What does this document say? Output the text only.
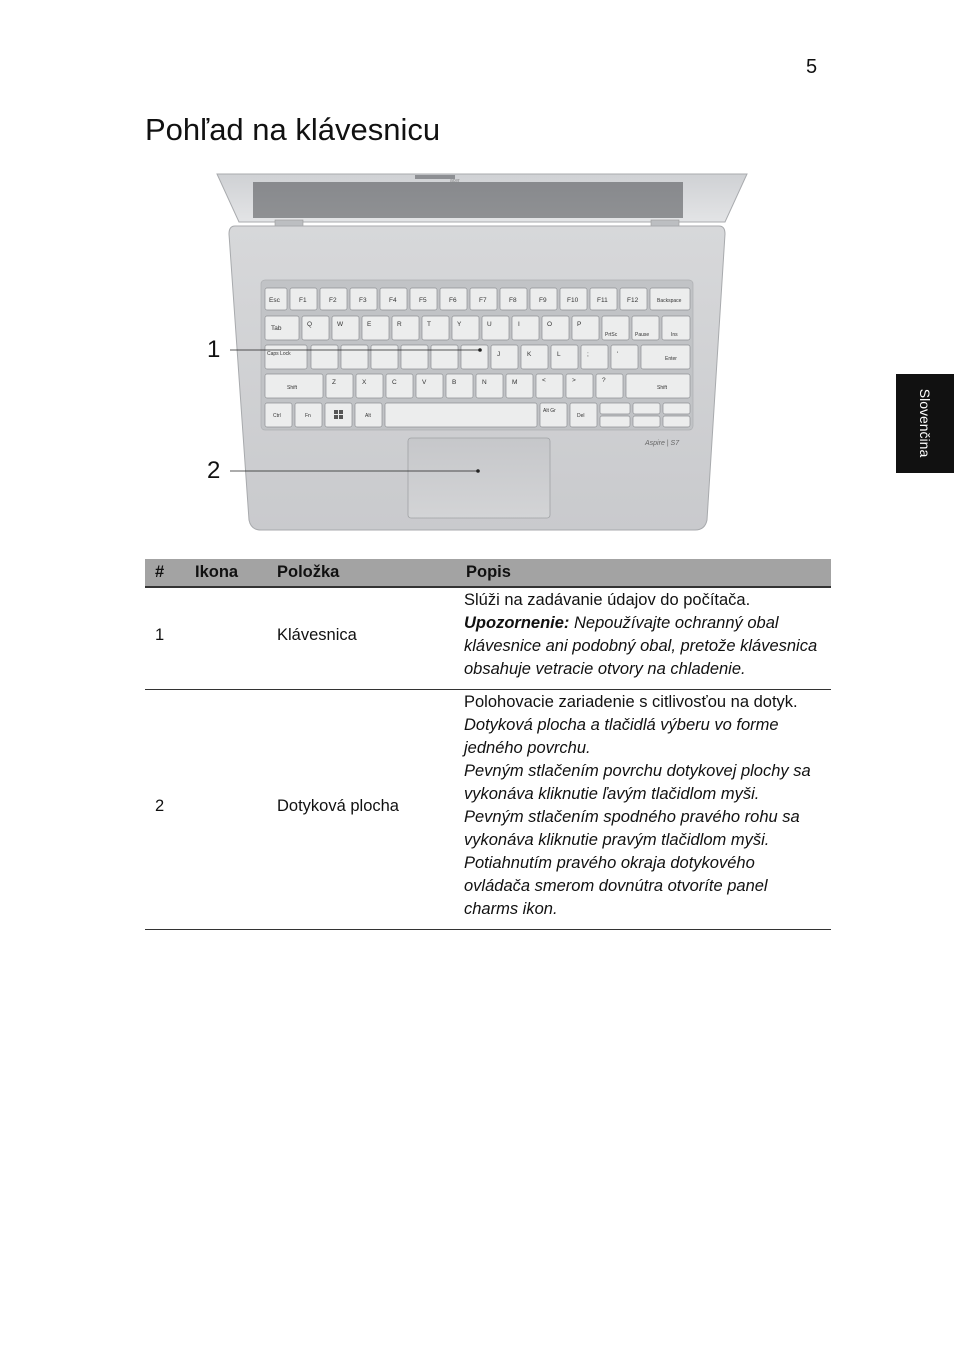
5
Pohľad na klávesnicu
Slovenčina
1
2
Esc	F1	F2	F3	F4	F5	F6	F7	F8	F9	F10	F11	F12	Backspace
Tab
Q	W	E	R	T	Y	U	I	O	P
PrtSc	Pause	Ins
Caps Lock	J	K	L	;	'
Enter
Shift
Z	X	C	V	B	N	M	<	>	?
Shift
Ctrl	Fn	Alt
Alt Gr
Del
Aspire | S7
acer
#	Ikona	Položka	Popis
1		Klávesnica	Slúži na zadávanie údajov do počítača.

Upozornenie: Nepoužívajte ochranný obal klávesnice ani podobný obal, pretože klávesnica obsahuje vetracie otvory na chladenie.

2		Dotyková plocha	Polohovacie zariadenie s citlivosťou na dotyk.

Dotyková plocha a tlačidlá výberu vo forme jedného povrchu.

Pevným stlačením povrchu dotykovej plochy sa vykonáva kliknutie ľavým tlačidlom myši.

Pevným stlačením spodného pravého rohu sa vykonáva kliknutie pravým tlačidlom myši.

Potiahnutím pravého okraja dotykového ovládača smerom dovnútra otvoríte panel charms ikon.
